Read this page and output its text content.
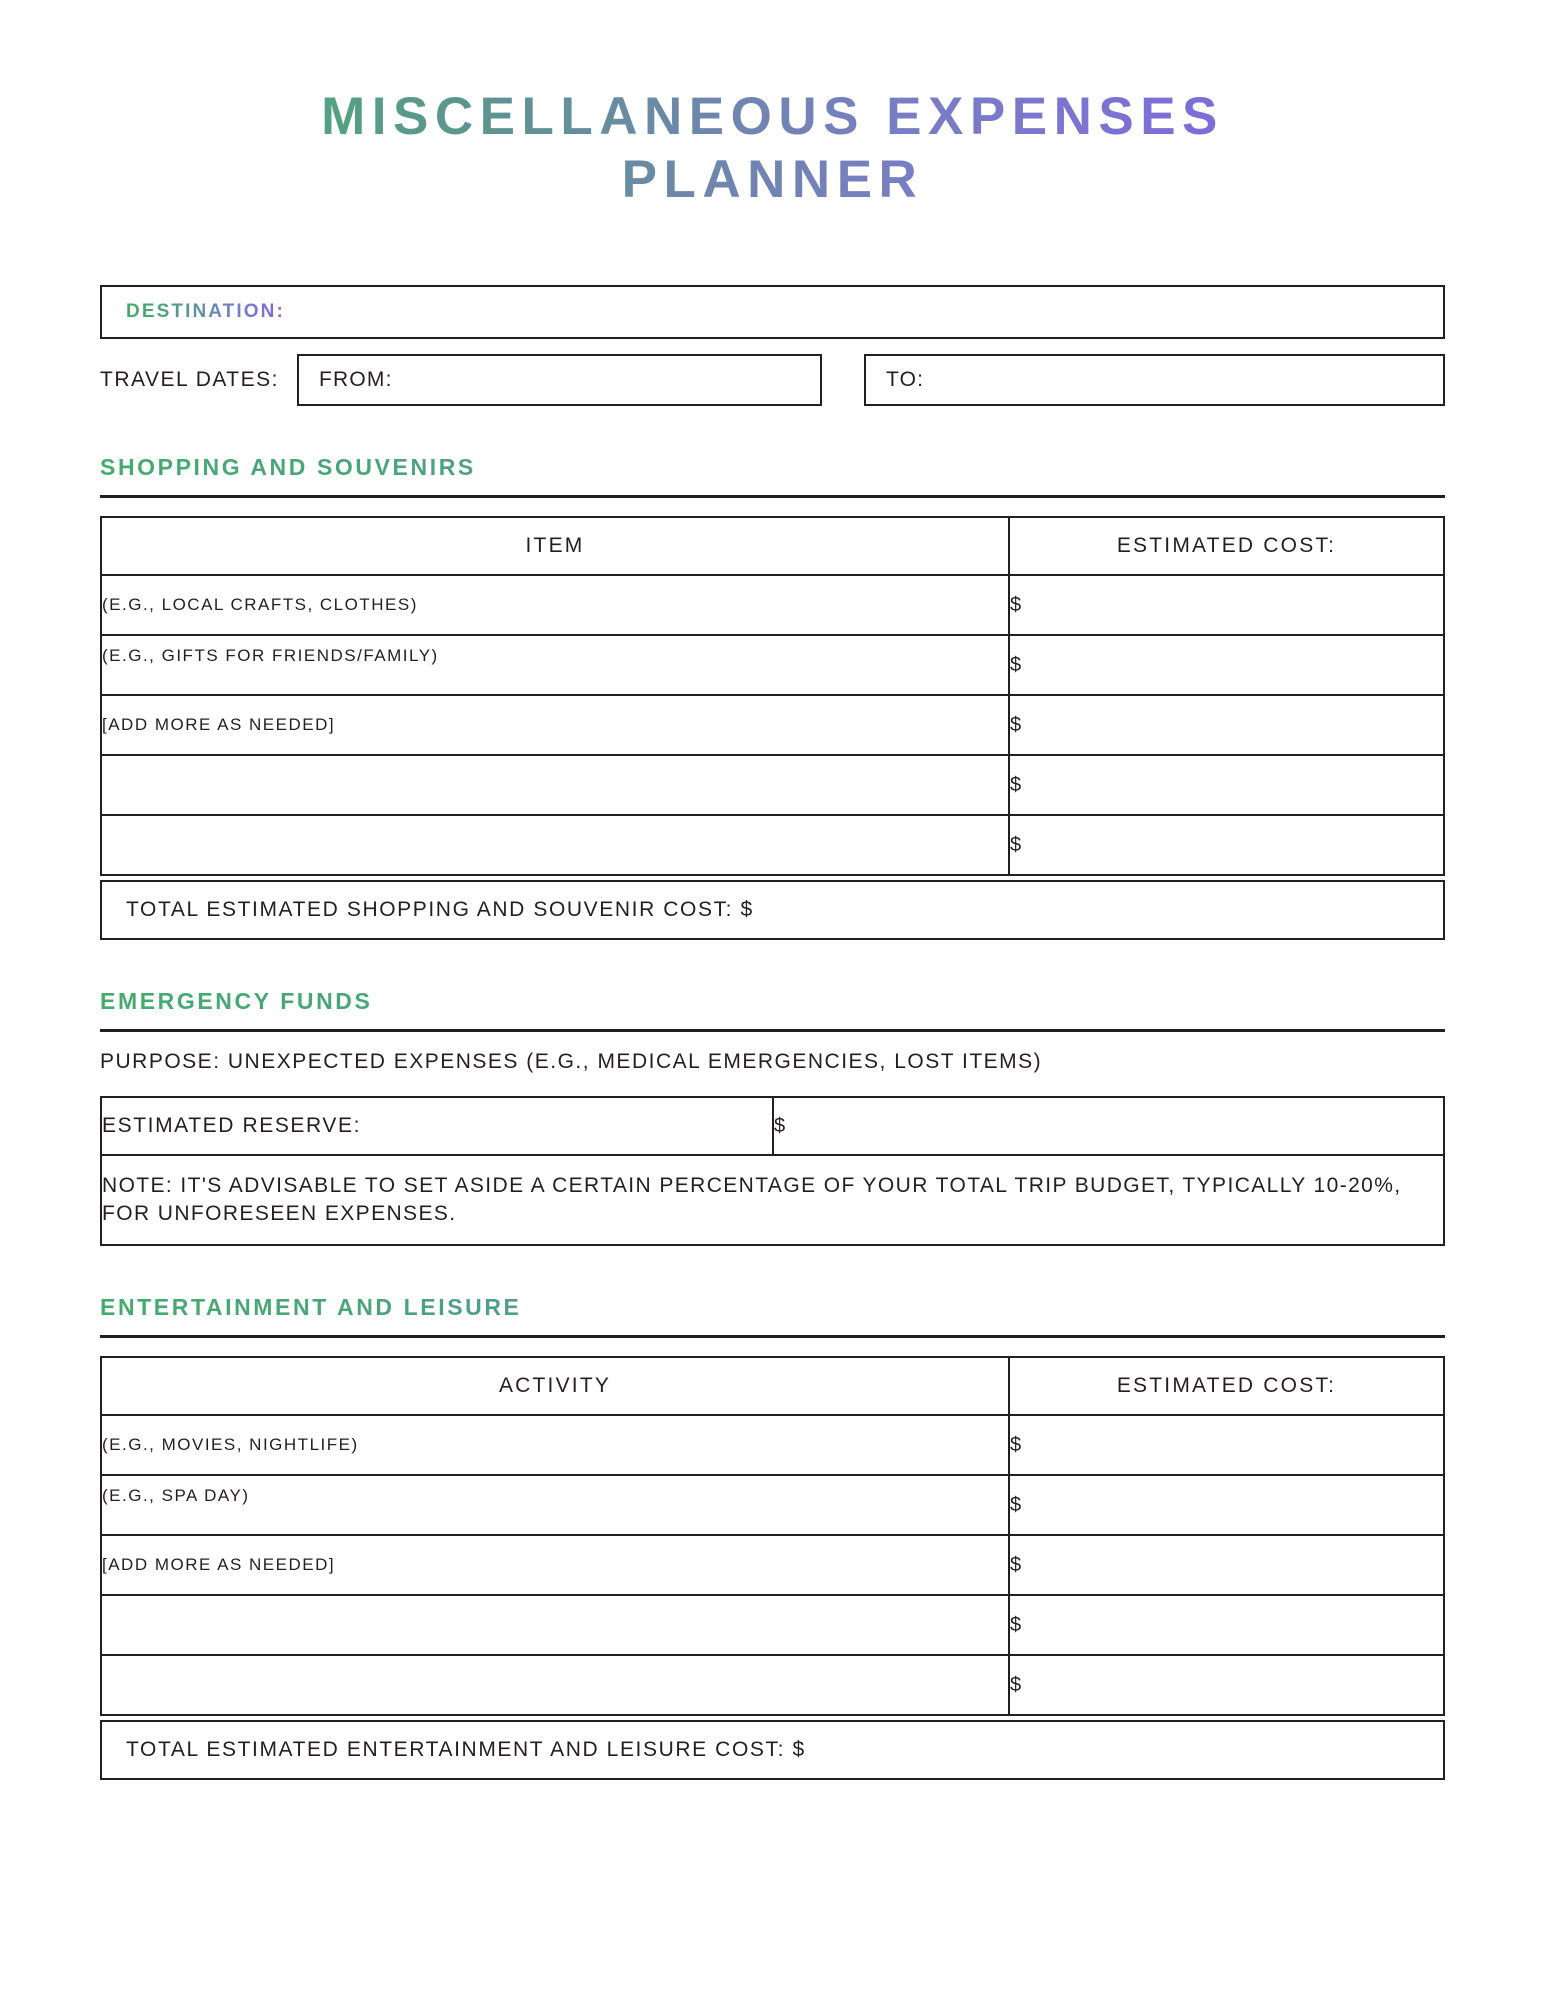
MISCELLANEOUS EXPENSES
PLANNER
DESTINATION:
TRAVEL DATES:	FROM:	TO:
SHOPPING AND SOUVENIRS
ITEM	ESTIMATED COST:
(E.G., LOCAL CRAFTS, CLOTHES)	$
(E.G., GIFTS FOR FRIENDS/FAMILY)	$
[ADD MORE AS NEEDED]	$
	$
	$
TOTAL ESTIMATED SHOPPING AND SOUVENIR COST: $
EMERGENCY FUNDS

PURPOSE: UNEXPECTED EXPENSES (E.G., MEDICAL EMERGENCIES, LOST ITEMS)

ESTIMATED RESERVE:	$
NOTE: IT'S ADVISABLE TO SET ASIDE A CERTAIN PERCENTAGE OF YOUR TOTAL TRIP BUDGET, TYPICALLY 10-20%, FOR UNFORESEEN EXPENSES.
ENTERTAINMENT AND LEISURE
ACTIVITY	ESTIMATED COST:
(E.G., MOVIES, NIGHTLIFE)	$
(E.G., SPA DAY)	$
[ADD MORE AS NEEDED]	$
	$
	$
TOTAL ESTIMATED ENTERTAINMENT AND LEISURE COST: $
